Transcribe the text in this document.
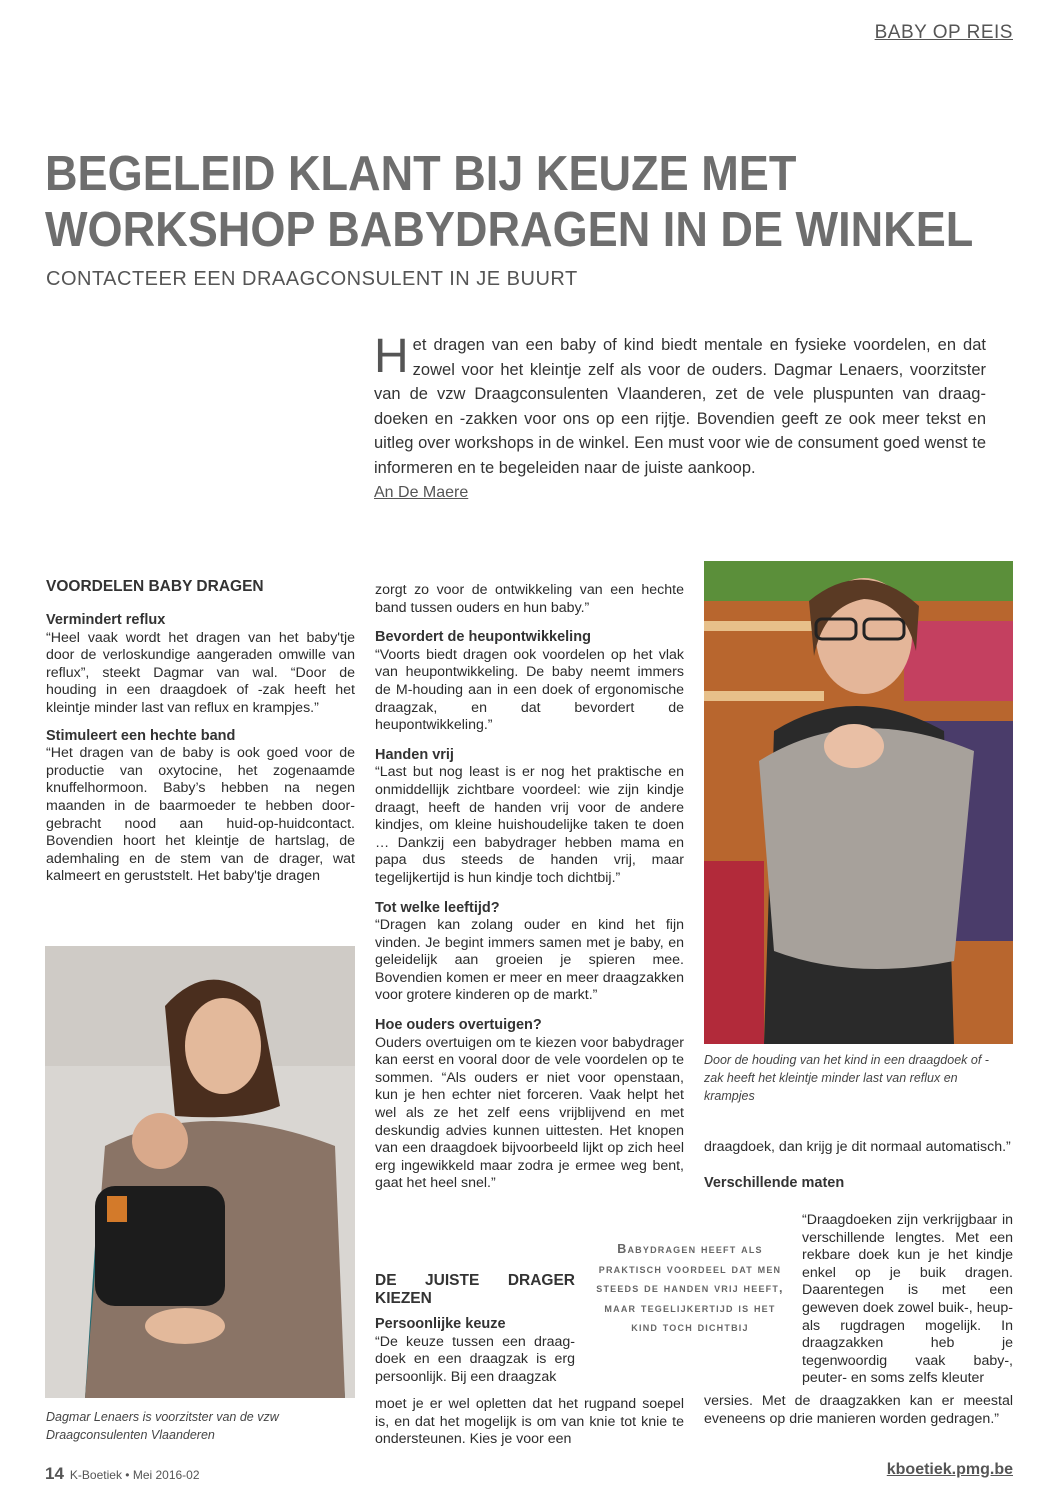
BABY OP REIS
BEGELEID KLANT BIJ KEUZE MET
WORKSHOP BABYDRAGEN IN DE WINKEL
CONTACTEER EEN DRAAGCONSULENT IN JE BUURT
Het dragen van een baby of kind biedt mentale en fysieke voordelen, en dat zowel voor het kleintje zelf als voor de ouders. Dagmar Lenaers, voorzitster van de vzw Draagconsulenten Vlaanderen, zet de vele pluspunten van draagdoeken en -zakken voor ons op een rijtje. Bovendien geeft ze ook meer tekst en uitleg over workshops in de winkel. Een must voor wie de consument goed wenst te informeren en te begeleiden naar de juiste aankoop.
An De Maere
VOORDELEN BABY DRAGEN
Vermindert reflux

“Heel vaak wordt het dragen van het baby'tje door de verloskundige aangeraden omwille van reflux”, steekt Dagmar van wal. “Door de houding in een draagdoek of -zak heeft het kleintje minder last van reflux en krampjes.”

Stimuleert een hechte band

“Het dragen van de baby is ook goed voor de productie van oxytocine, het zogenaamde knuffelhormoon. Baby’s hebben na negen maanden in de baarmoeder te hebben doorgebracht nood aan huid-op-huidcontact. Bovendien hoort het kleintje de hartslag, de ademhaling en de stem van de drager, wat kalmeert en geruststelt. Het baby'tje dragen

Dagmar Lenaers is voorzitster van de vzw Draagconsulenten Vlaanderen

zorgt zo voor de ontwikkeling van een hechte band tussen ouders en hun baby.”

Bevordert de heupontwikkeling

“Voorts biedt dragen ook voordelen op het vlak van heupontwikkeling. De baby neemt immers de M-houding aan in een doek of ergonomische draagzak, en dat bevordert de heupontwikkeling.”

Handen vrij

“Last but nog least is er nog het praktische en onmiddellijk zichtbare voordeel: wie zijn kindje draagt, heeft de handen vrij voor de andere kindjes, om kleine huishoudelijke taken te doen … Dankzij een babydrager hebben mama en papa dus steeds de handen vrij, maar tegelijkertijd is hun kindje toch dichtbij.”

Tot welke leeftijd?

“Dragen kan zolang ouder en kind het fijn vinden. Je begint immers samen met je baby, en geleidelijk aan groeien je spieren mee. Bovendien komen er meer en meer draagzakken voor grotere kinderen op de markt.”

Hoe ouders overtuigen?

Ouders overtuigen om te kiezen voor babydrager kan eerst en vooral door de vele voordelen op te sommen. “Als ouders er niet voor openstaan, kun je hen echter niet forceren. Vaak helpt het wel als ze het zelf eens vrijblijvend en met deskundig advies kunnen uittesten. Het knopen van een draagdoek bijvoorbeeld lijkt op zich heel erg ingewikkeld maar zodra je ermee weg bent, gaat het heel snel.”

DE JUISTE DRAGER KIEZEN
Persoonlijke keuze

“De keuze tussen een draagdoek en een draagzak is erg persoonlijk. Bij een draagzak

moet je er wel opletten dat het rugpand soepel is, en dat het mogelijk is om van knie tot knie te ondersteunen. Kies je voor een

Door de houding van het kind in een draagdoek of -zak heeft het kleintje minder last van reflux en krampjes

draagdoek, dan krijg je dit normaal automatisch.”

Verschillende maten

“Draagdoeken zijn verkrijgbaar in verschillende lengtes. Met een rekbare doek kun je het kindje enkel op je buik dragen. Daarentegen is met een geweven doek zowel buik-, heup- als rugdragen mogelijk. In draagzakken heb je tegenwoordig vaak baby-, peuter- en soms zelfs kleuter

versies. Met de draagzakken kan er meestal eveneens op drie manieren worden gedragen.”

Babydragen heeft als praktisch voordeel dat men steeds de handen vrij heeft, maar tegelijkertijd is het kind toch dichtbij
14 K-Boetiek • Mei 2016-02	kboetiek.pmg.be
